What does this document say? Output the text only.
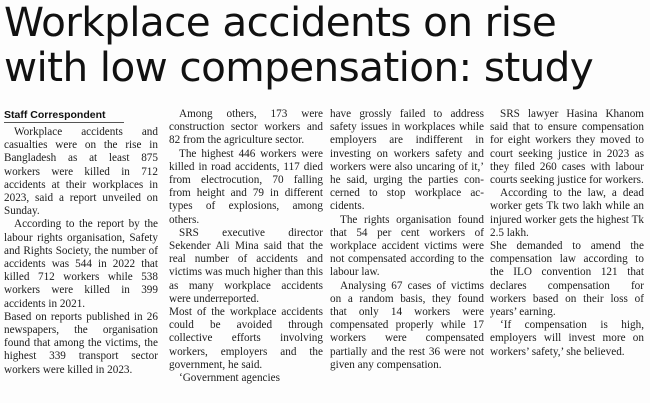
Workplace accidents on rise
with low compensation: study
Staff Correspondent

Workplace accidents and casualties were on the rise in Bangladesh as at least 875 workers were killed in 712 accidents at their workplaces in 2023, said a report unveiled on Sunday.

According to the report by the labour rights organisation, Safety and Rights Society, the number of accidents was 544 in 2022 that killed 712 workers while 538 workers were killed in 399 accidents in 2021.

Based on reports published in 26 newspapers, the organisation found that among the victims, the highest 339 transport sector workers were killed in 2023.

Among others, 173 were construction sector workers and 82 from the agriculture sector.

The highest 446 workers were killed in road accidents, 117 died from electrocution, 70 falling from height and 79 in different types of explosions, among others.

SRS executive director Sekender Ali Mina said that the real number of accidents and victims was much higher than this as many workplace accidents were underreported.

Most of the workplace accidents could be avoided through collective efforts involving workers, employers and the government, he said.

‘Government agencies

have grossly failed to address safety issues in workplaces while employers are indifferent in investing on workers safety and workers were also uncaring of it,’ he said, urging the parties concerned to stop workplace accidents.

The rights organisation found that 54 per cent workers of workplace accident victims were not compensated according to the labour law.

Analysing 67 cases of victims on a random basis, they found that only 14 workers were compensated properly while 17 workers were compensated partially and the rest 36 were not given any compensation.

SRS lawyer Hasina Khanom said that to ensure compensation for eight workers they moved to court seeking justice in 2023 as they filed 260 cases with labour courts seeking justice for workers.

According to the law, a dead worker gets Tk two lakh while an injured worker gets the highest Tk 2.5 lakh.

She demanded to amend the compensation law according to the ILO convention 121 that declares compensation for workers based on their loss of years’ earning.

‘If compensation is high, employers will invest more on workers’ safety,’ she believed.
